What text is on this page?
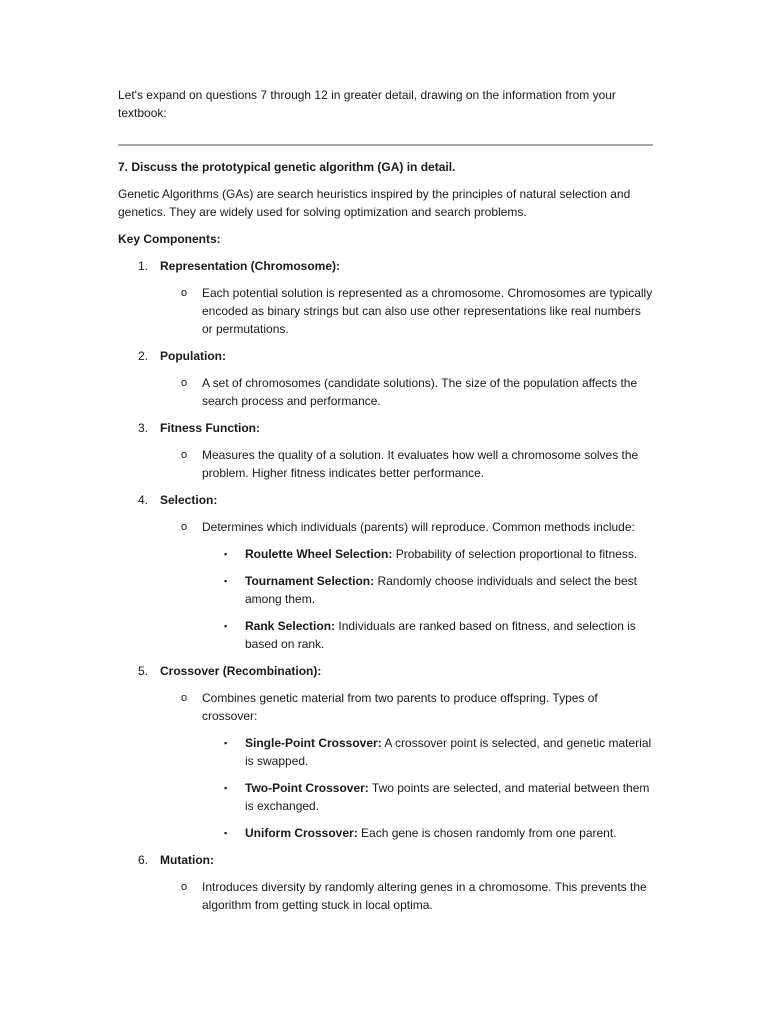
Let's expand on questions 7 through 12 in greater detail, drawing on the information from your textbook:

7. Discuss the prototypical genetic algorithm (GA) in detail.

Genetic Algorithms (GAs) are search heuristics inspired by the principles of natural selection and genetics. They are widely used for solving optimization and search problems.

Key Components:

1. Representation (Chromosome):
o Each potential solution is represented as a chromosome. Chromosomes are typically encoded as binary strings but can also use other representations like real numbers or permutations.
2. Population:
o A set of chromosomes (candidate solutions). The size of the population affects the search process and performance.
3. Fitness Function:
o Measures the quality of a solution. It evaluates how well a chromosome solves the problem. Higher fitness indicates better performance.
4. Selection:
o Determines which individuals (parents) will reproduce. Common methods include:
▪ Roulette Wheel Selection: Probability of selection proportional to fitness.
▪ Tournament Selection: Randomly choose individuals and select the best among them.
▪ Rank Selection: Individuals are ranked based on fitness, and selection is based on rank.
5. Crossover (Recombination):
o Combines genetic material from two parents to produce offspring. Types of crossover:
▪ Single-Point Crossover: A crossover point is selected, and genetic material is swapped.
▪ Two-Point Crossover: Two points are selected, and material between them is exchanged.
▪ Uniform Crossover: Each gene is chosen randomly from one parent.
6. Mutation:
o Introduces diversity by randomly altering genes in a chromosome. This prevents the algorithm from getting stuck in local optima.
